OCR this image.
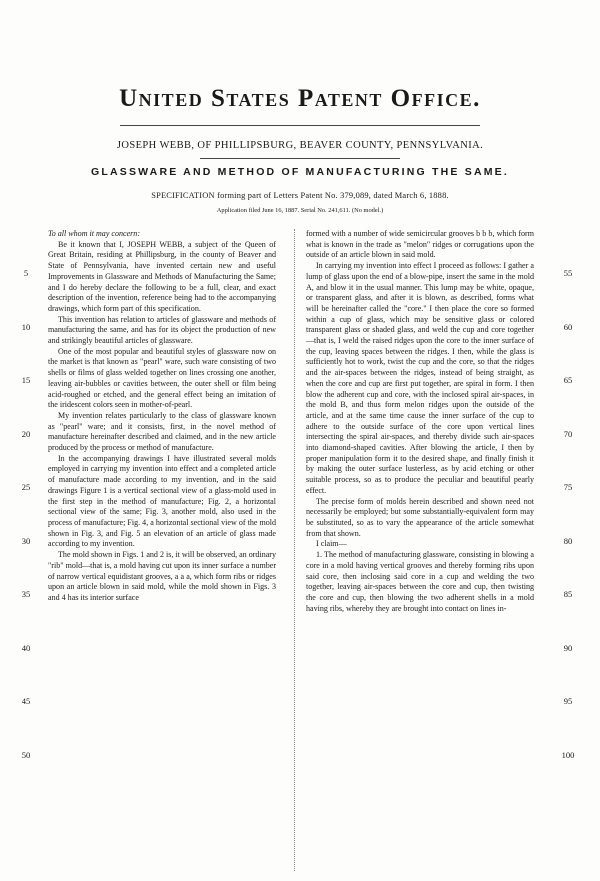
United States Patent Office.
JOSEPH WEBB, OF PHILLIPSBURG, BEAVER COUNTY, PENNSYLVANIA.
GLASSWARE AND METHOD OF MANUFACTURING THE SAME.
SPECIFICATION forming part of Letters Patent No. 379,089, dated March 6, 1888.
Application filed June 16, 1887. Serial No. 241,611. (No model.)

To all whom it may concern:

Be it known that I, JOSEPH WEBB, a subject of the Queen of Great Britain, residing at Phillipsburg, in the county of Beaver and State of Pennsylvania, have invented certain new and useful Improvements in Glassware and Methods of Manufacturing the Same; and I do hereby declare the following to be a full, clear, and exact description of the invention, reference being had to the accompanying drawings, which form part of this specification.

This invention has relation to articles of glassware and methods of manufacturing the same, and has for its object the production of new and strikingly beautiful articles of glassware.

One of the most popular and beautiful styles of glassware now on the market is that known as "pearl" ware, such ware consisting of two shells or films of glass welded together on lines crossing one another, leaving air-bubbles or cavities between, the outer shell or film being acid-roughed or etched, and the general effect being an imitation of the iridescent colors seen in mother-of-pearl.

My invention relates particularly to the class of glassware known as "pearl" ware; and it consists, first, in the novel method of manufacture hereinafter described and claimed, and in the new article produced by the process or method of manufacture.

In the accompanying drawings I have illustrated several molds employed in carrying my invention into effect and a completed article of manufacture made according to my invention, and in the said drawings Figure 1 is a vertical sectional view of a glass-mold used in the first step in the method of manufacture; Fig. 2, a horizontal sectional view of the same; Fig. 3, another mold, also used in the process of manufacture; Fig. 4, a horizontal sectional view of the mold shown in Fig. 3, and Fig. 5 an elevation of an article of glass made according to my invention.

The mold shown in Figs. 1 and 2 is, it will be observed, an ordinary "rib" mold—that is, a mold having cut upon its inner surface a number of narrow vertical equidistant grooves, a a a, which form ribs or ridges upon an article blown in said mold, while the mold shown in Figs. 3 and 4 has its interior surface

formed with a number of wide semicircular grooves b b b, which form what is known in the trade as "melon" ridges or corrugations upon the outside of an article blown in said mold.

In carrying my invention into effect I proceed as follows: I gather a lump of glass upon the end of a blow-pipe, insert the same in the mold A, and blow it in the usual manner. This lump may be white, opaque, or transparent glass, and after it is blown, as described, forms what will be hereinafter called the "core." I then place the core so formed within a cup of glass, which may be sensitive glass or colored transparent glass or shaded glass, and weld the cup and core together—that is, I weld the raised ridges upon the core to the inner surface of the cup, leaving spaces between the ridges. I then, while the glass is sufficiently hot to work, twist the cup and the core, so that the ridges and the air-spaces between the ridges, instead of being straight, as when the core and cup are first put together, are spiral in form. I then blow the adherent cup and core, with the inclosed spiral air-spaces, in the mold B, and thus form melon ridges upon the outside of the article, and at the same time cause the inner surface of the cup to adhere to the outside surface of the core upon vertical lines intersecting the spiral air-spaces, and thereby divide such air-spaces into diamond-shaped cavities. After blowing the article, I then by proper manipulation form it to the desired shape, and finally finish it by making the outer surface lusterless, as by acid etching or other suitable process, so as to produce the peculiar and beautiful pearly effect.

The precise form of molds herein described and shown need not necessarily be employed; but some substantially-equivalent form may be substituted, so as to vary the appearance of the article somewhat from that shown.

I claim—

1. The method of manufacturing glassware, consisting in blowing a core in a mold having vertical grooves and thereby forming ribs upon said core, then inclosing said core in a cup and welding the two together, leaving air-spaces between the core and cup, then twisting the core and cup, then blowing the two adherent shells in a mold having ribs, whereby they are brought into contact on lines in-

5
10
15
20
25
30
35
40
45
50
55
60
65
70
75
80
85
90
95
100
